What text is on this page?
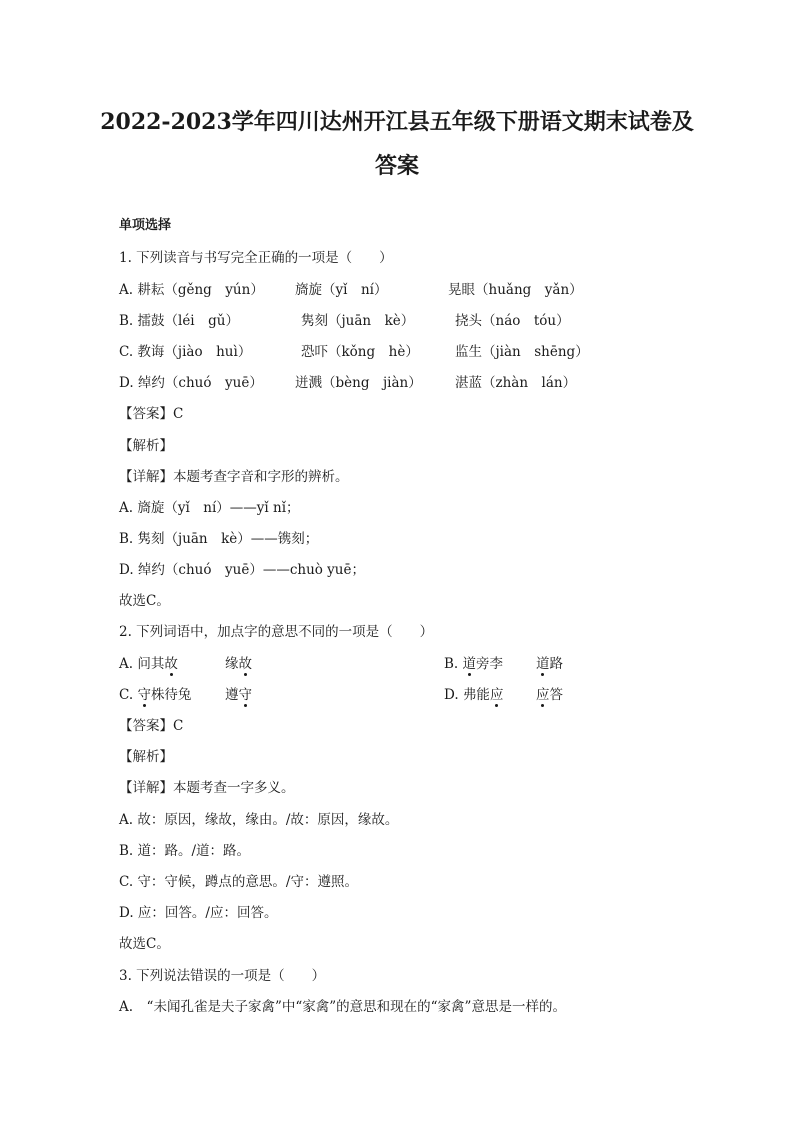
2022-2023学年四川达州开江县五年级下册语文期末试卷及
答案
单项选择
1. 下列读音与书写完全正确的一项是（　　）
A. 耕耘（gěng　yún） 旖旋（yǐ　ní）	晃眼（huǎng　yǎn）
B. 擂鼓（léi　gǔ）	隽刻（juān　kè）	挠头（náo　tóu）
C. 教诲（jiào　huì）	恐吓（kǒng　hè）	监生（jiàn　shēng）
D. 绰约（chuó　yuē） 迸溅（bèng　jiàn） 湛蓝（zhàn　lán）
【答案】C
【解析】
【详解】本题考查字音和字形的辨析。
A. 旖旋（yǐ　ní）——yǐ nǐ；
B. 隽刻（juān　kè）——镌刻；
D. 绰约（chuó　yuē）——chuò yuē；
故选C。
2. 下列词语中，加点字的意思不同的一项是（　　）
A. 问其故	缘故	B. 道旁李 道路
C. 守株待兔 遵守	D. 弗能应 应答
【答案】C
【解析】
【详解】本题考查一字多义。
A. 故：原因，缘故，缘由。/故：原因，缘故。
B. 道：路。/道：路。
C. 守：守候，蹲点的意思。/守：遵照。
D. 应：回答。/应：回答。
故选C。
3. 下列说法错误的一项是（　　）
A.　“未闻孔雀是夫子家禽”中“家禽”的意思和现在的“家禽”意思是一样的。
